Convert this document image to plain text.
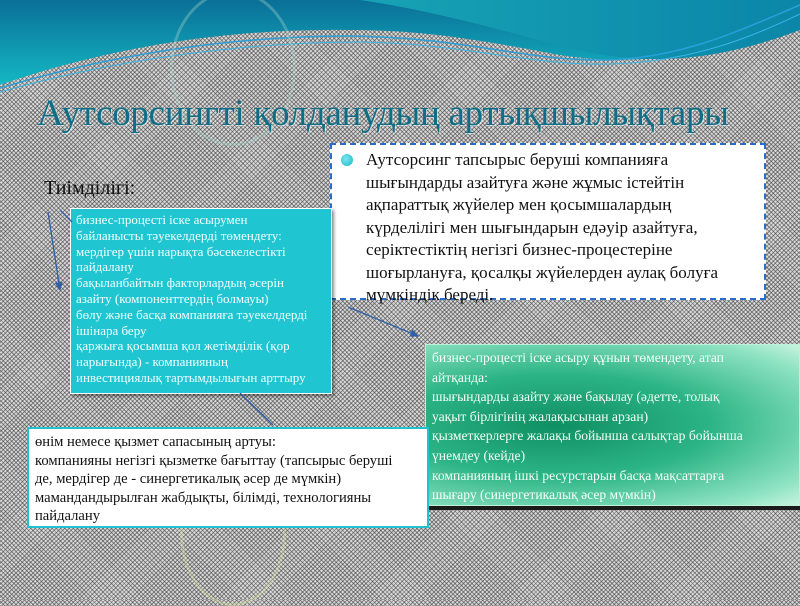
Аутсорсингті қолданудың артықшылықтары
Тиімділігі:
Аутсорсинг тапсырыс беруші компанияға
шығындарды азайтуға және жұмыс істейтін
ақпараттық жүйелер мен қосымшалардың
күрделілігі мен шығындарын едәуір азайтуға,
серіктестіктің негізгі бизнес-процестеріне
шоғырлануға, қосалқы жүйелерден аулақ болуға
мүмкіндік береді.
бизнес-процесті іске асырумен
байланысты тәуекелдерді төмендету:
мердігер үшін нарықта бәсекелестікті
пайдалану
бақыланбайтын факторлардың әсерін
азайту (компоненттердің болмауы)
бөлу және басқа компанияға тәуекелдерді
ішінара беру
қаржыға қосымша қол жетімділік (қор
нарығында) - компанияның
инвестициялық тартымдылығын арттыру
бизнес-процесті іске асыру құнын төмендету, атап
айтқанда:
шығындарды азайту және бақылау (әдетте, толық
уақыт бірлігінің жалақысынан арзан)
қызметкерлерге жалақы бойынша салықтар бойынша
үнемдеу (кейде)
компанияның ішкі ресурстарын басқа мақсаттарға
шығару (синергетикалық әсер мүмкін)
өнім немесе қызмет сапасының артуы:
компанияны негізгі қызметке бағыттау (тапсырыс беруші
де, мердігер де - синергетикалық әсер де мүмкін)
мамандандырылған жабдықты, білімді, технологияны
пайдалану
